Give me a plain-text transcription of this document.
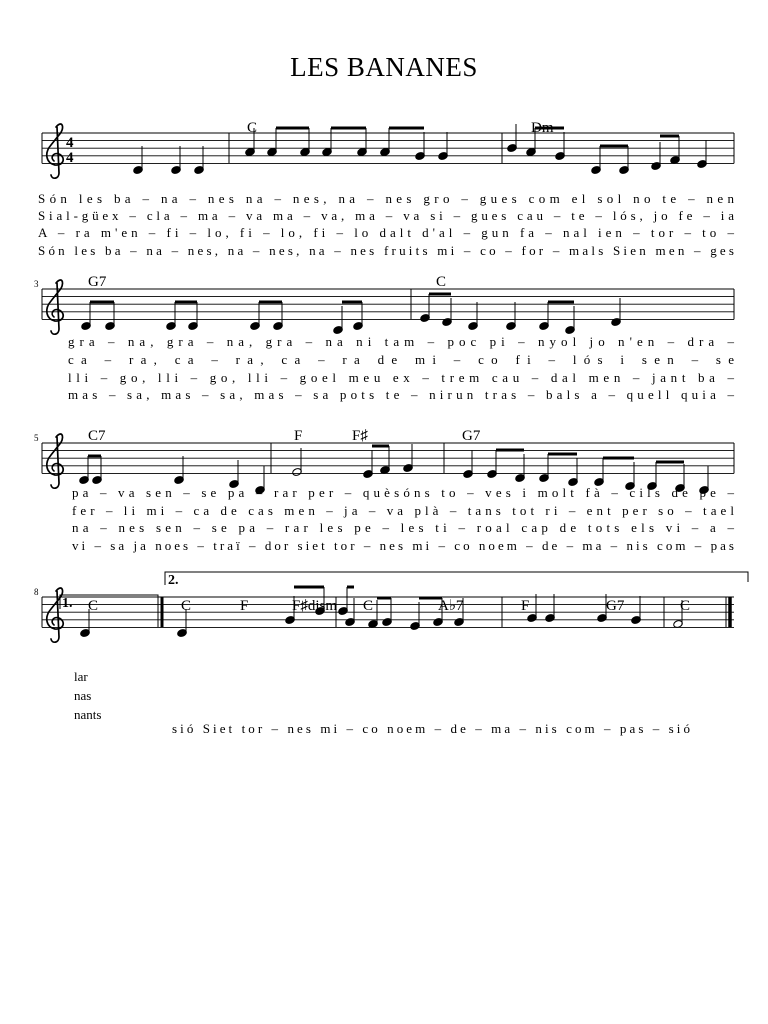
LES BANANES
4
4
3
5
8
C	Dm
G7	C
C7	F	F♯	G7
C	C	F	F♯dism C	A♭7	F	G7	C
Són les ba – na – nes na – nes, na – nes gro – gues com el sol no te – nen
Sial-güex – cla – ma – va ma – va, ma – va si – gues cau – te – lós, jo fe – ia
A – ra m'en – fi – lo, fi – lo, fi – lo dalt d'al – gun fa – nal ien – tor – to –
Són les ba – na – nes, na – nes, na – nes fruits mi – co – for – mals Sien men – ges
gra – na, gra – na, gra – na ni tam – poc pi – nyol jo n'en – dra –
ca – ra, ca – ra, ca – ra de mi – co fi – lós i sen – se
lli – go, lli – go, lli – goel meu ex – trem cau – dal men – jant ba –
mas – sa, mas – sa, mas – sa pots te – nirun tras – bals a – quell quia –
pa – va sen – se pa – rar per – quèsóns to – ves i molt fà – cils de pe –
fer – li mi – ca de cas men – ja – va plà – tans tot ri – ent per so – tael
na – nes sen – se pa – rar les pe – les ti – roal cap de tots els vi – a –
vi – sa ja noes – traï – dor siet tor – nes mi – co noem – de – ma – nis com – pas
1.
2.
lar
nas
nants
sió Siet tor – nes mi – co noem – de – ma – nis com – pas – sió
